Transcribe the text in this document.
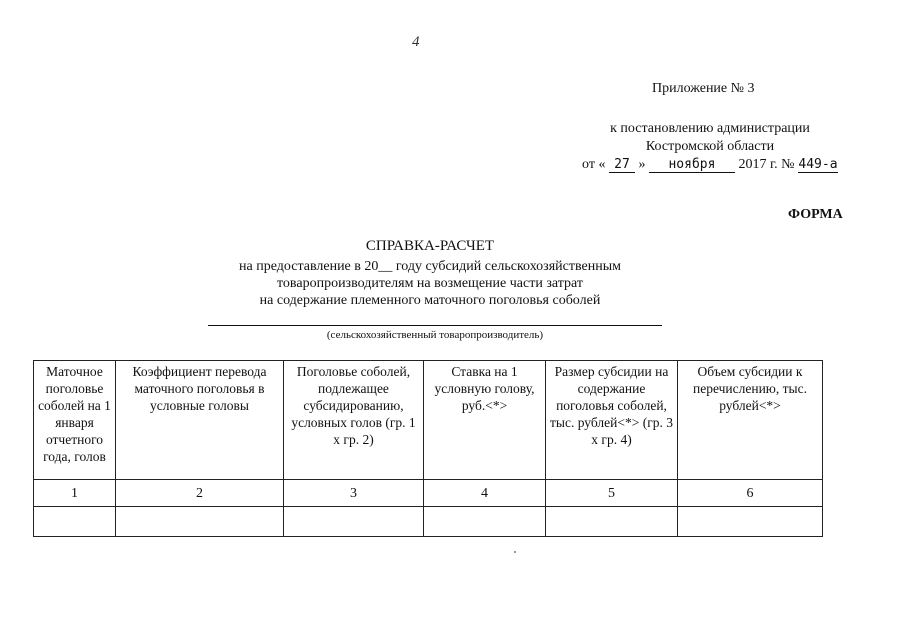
4
Приложение № 3
к постановлению администрации
Костромской области
от « 27 » ноября 2017 г. № 449-а
ФОРМА
СПРАВКА-РАСЧЕТ
на предоставление в 20__ году субсидий сельскохозяйственным
товаропроизводителям на возмещение части затрат
на содержание племенного маточного поголовья соболей
(сельскохозяйственный товаропроизводитель)
Маточное поголовье соболей на 1 января отчетного года, голов	Коэффициент перевода маточного поголовья в условные головы	Поголовье соболей, подлежащее субсидированию, условных голов (гр. 1 x гр. 2)	Ставка на 1 условную голову, руб.<*>	Размер субсидии на содержание поголовья соболей, тыс. рублей<*> (гр. 3 x гр. 4)	Объем субсидии к перечислению, тыс. рублей<*>
1	2	3	4	5	6
